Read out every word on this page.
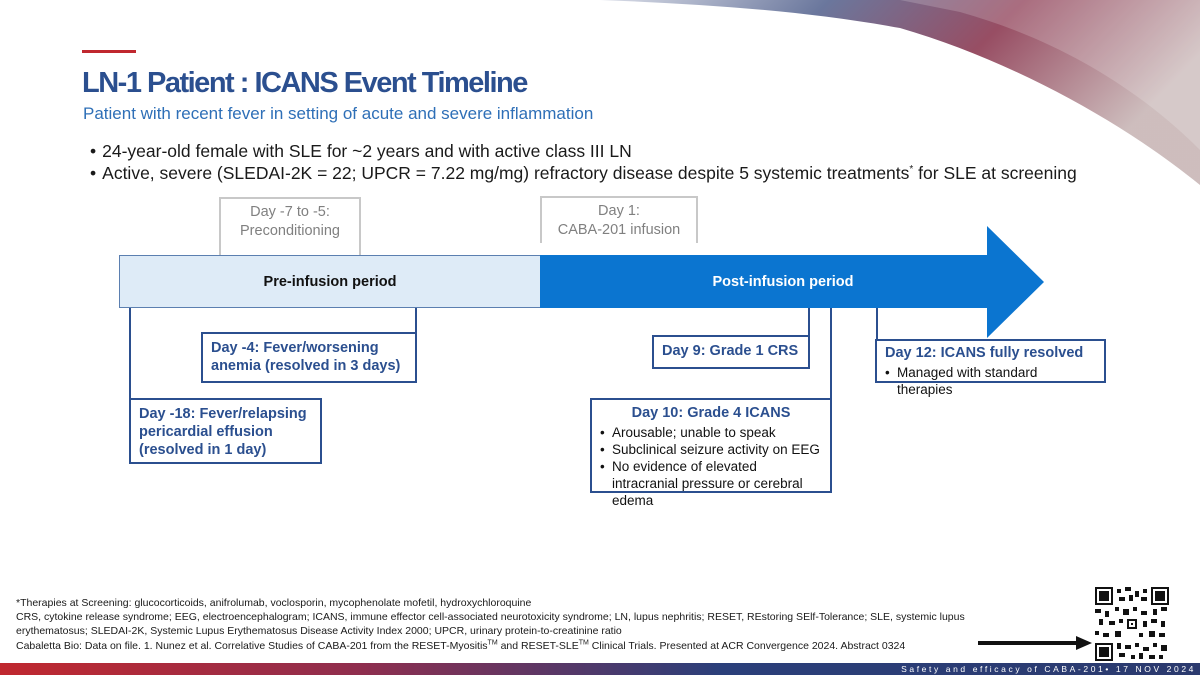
LN-1 Patient : ICANS Event Timeline
Patient with recent fever in setting of acute and severe inflammation
• 24-year-old female with SLE for ~2 years and with active class III LN
• Active, severe (SLEDAI-2K = 22; UPCR = 7.22 mg/mg) refractory disease despite 5 systemic treatments* for SLE at screening
Day -7 to -5:
Preconditioning
Day 1:
CABA-201 infusion
Pre-infusion period	Post-infusion period
Day -4: Fever/worsening anemia (resolved in 3 days)
Day -18: Fever/relapsing pericardial effusion (resolved in 1 day)
Day 9: Grade 1 CRS
Day 10: Grade 4 ICANS
• Arousable; unable to speak
• Subclinical seizure activity on EEG
• No evidence of elevated intracranial pressure or cerebral edema
Day 12: ICANS fully resolved
• Managed with standard therapies
*Therapies at Screening: glucocorticoids, anifrolumab, voclosporin, mycophenolate mofetil, hydroxychloroquine
CRS, cytokine release syndrome; EEG, electroencephalogram; ICANS, immune effector cell-associated neurotoxicity syndrome; LN, lupus nephritis; RESET, REstoring SElf-Tolerance; SLE, systemic lupus
erythematosus; SLEDAI-2K, Systemic Lupus Erythematosus Disease Activity Index 2000; UPCR, urinary protein-to-creatinine ratio
Cabaletta Bio: Data on file. 1. Nunez et al. Correlative Studies of CABA-201 from the RESET-Myositis™ and RESET-SLE™ Clinical Trials. Presented at ACR Convergence 2024. Abstract 0324
Safety and efficacy of CABA-201• 17 NOV 2024
